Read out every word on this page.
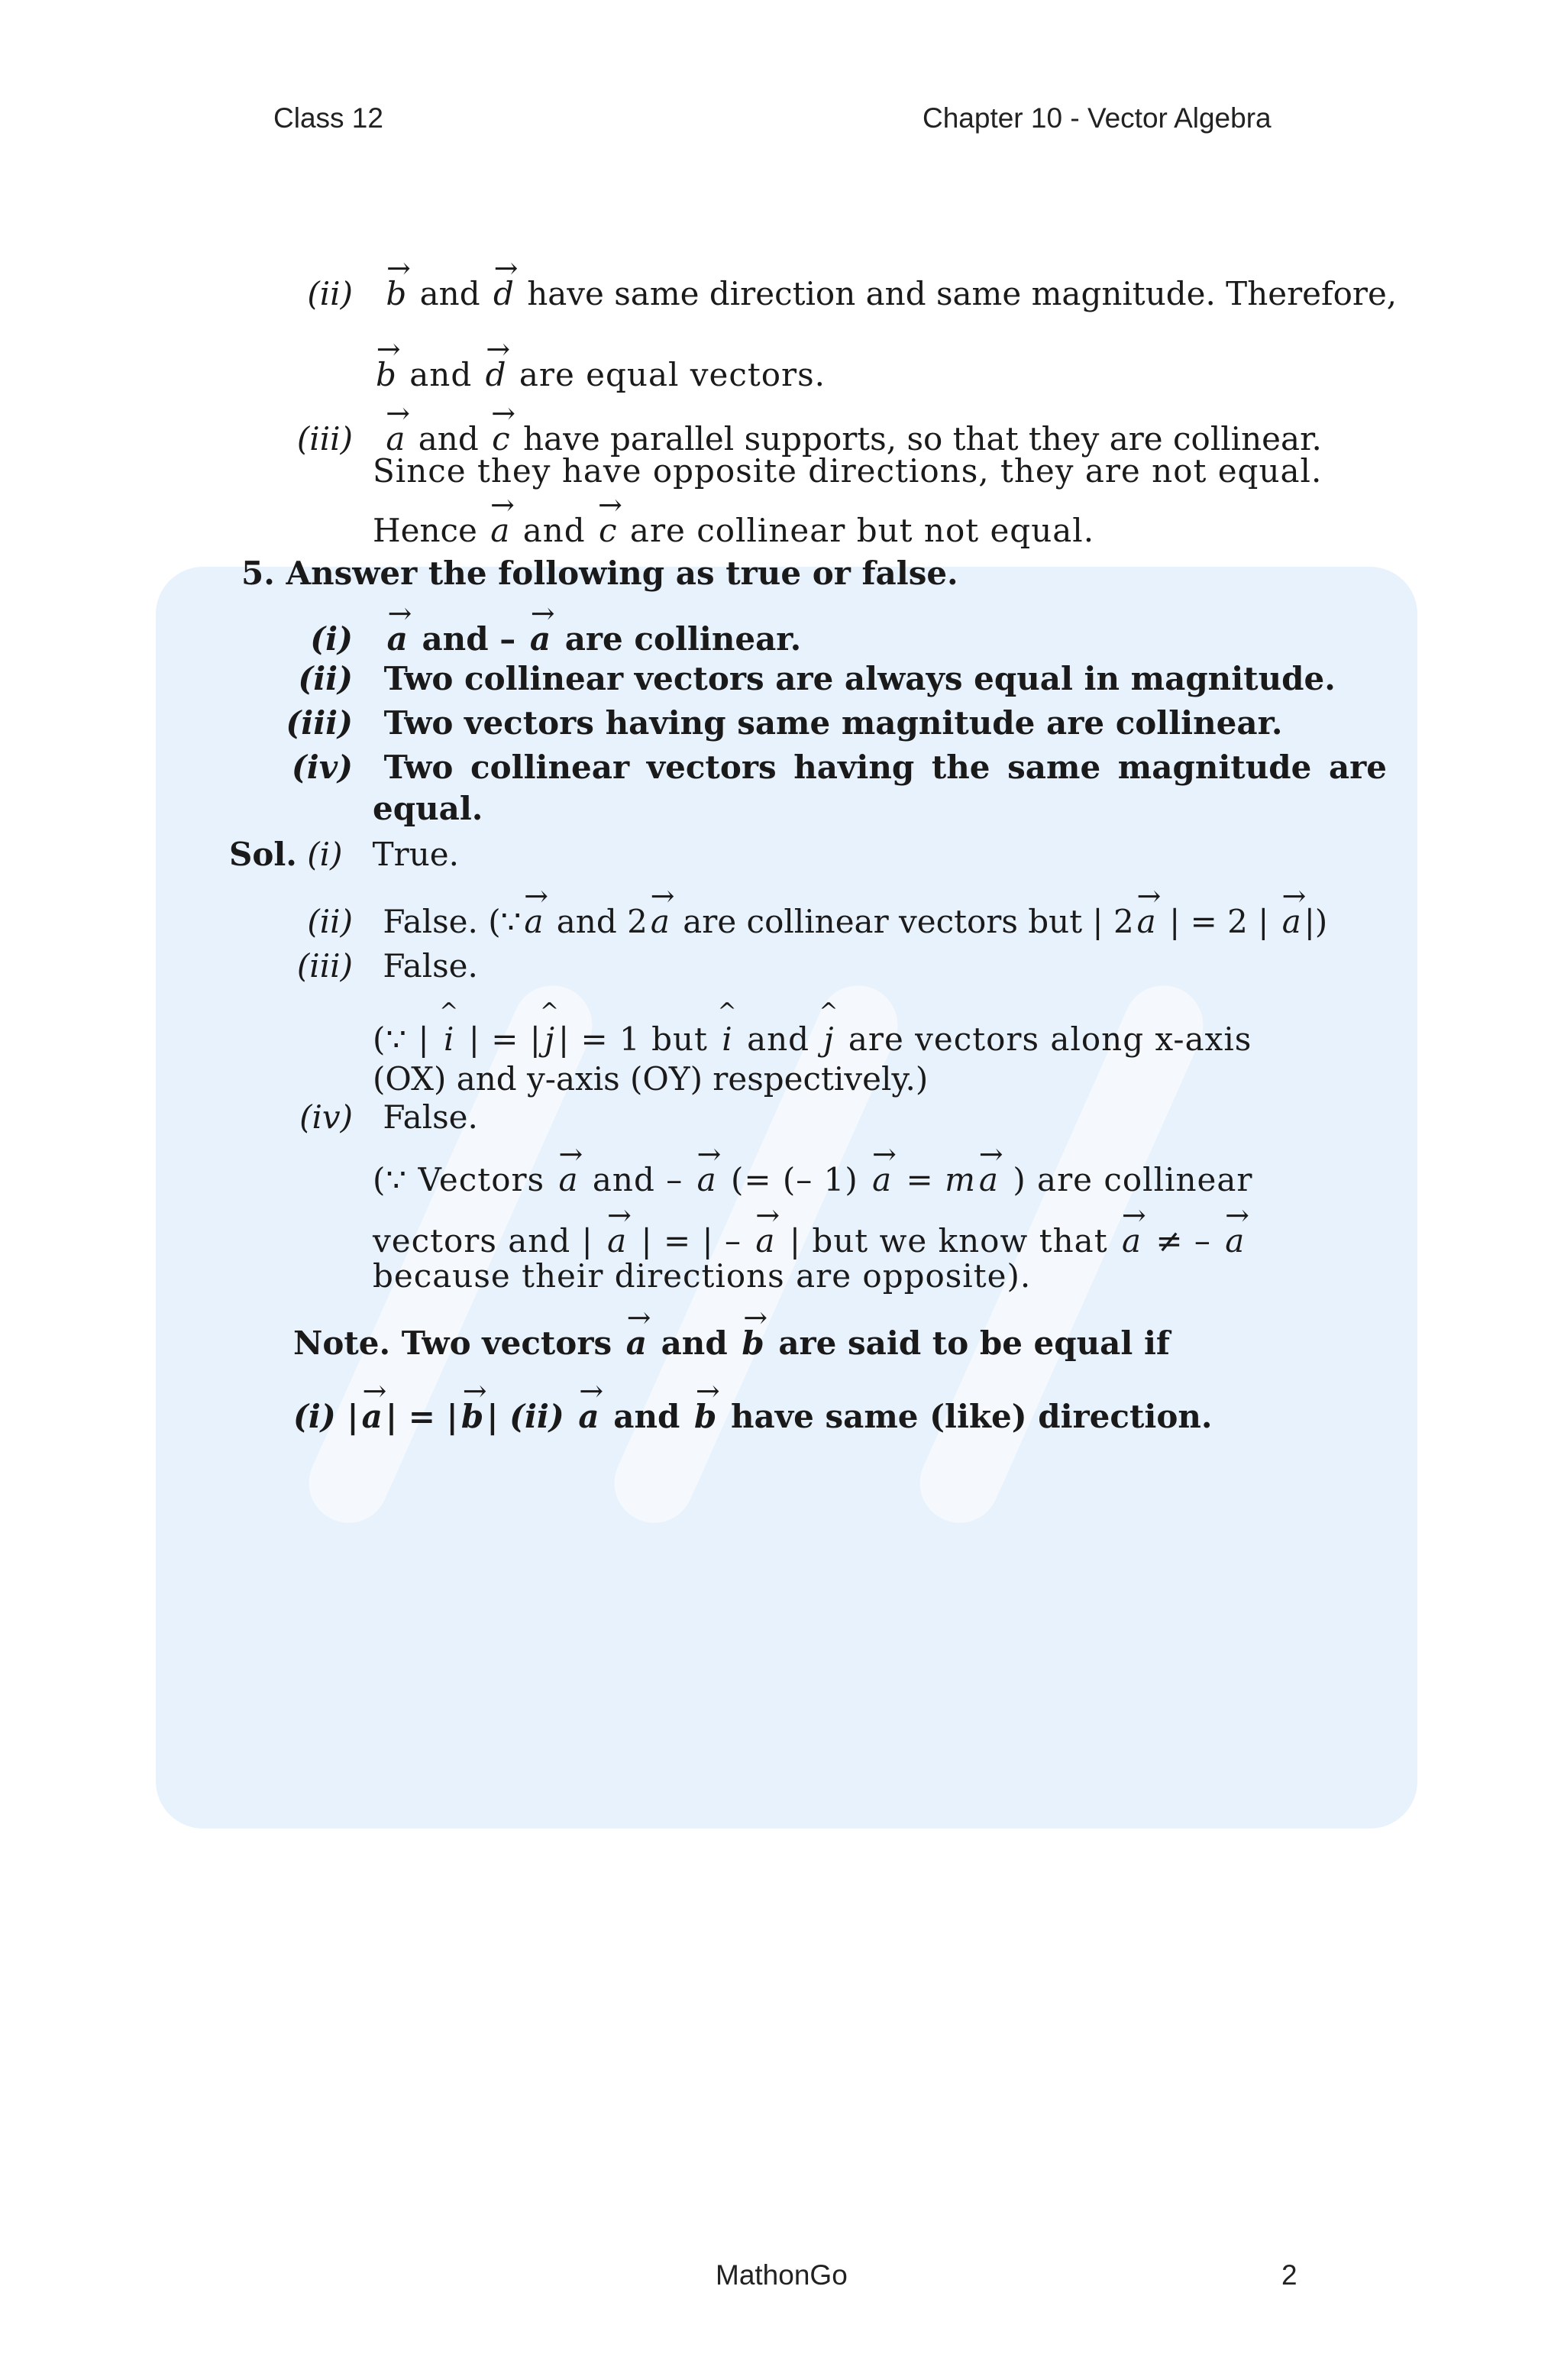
Class 12	Chapter 10 - Vector Algebra
(ii) → b and → d have same direction and same magnitude. Therefore,
→ b and → d are equal vectors.
(iii) → a and → c have parallel supports, so that they are collinear.
Since they have opposite directions, they are not equal.
Hence → a and → c are collinear but not equal.
5. Answer the following as true or false.
(i) → a and – → a are collinear.
(ii) Two collinear vectors are always equal in magnitude.
(iii) Two vectors having same magnitude are collinear.
(iv) Two collinear vectors having the same magnitude are
equal.
Sol. (i) True.
(ii) False. (∵→ a and 2→ a are collinear vectors but | 2→ a | = 2 | → a|)
(iii) False.
(∵ | ^ i | = |^ j| = 1 but ^ i and ^ j are vectors along x-axis
(OX) and y-axis (OY) respectively.)
(iv) False.
(∵ Vectors → a and – → a (= (– 1) → a = m→ a ) are collinear
vectors and | → a | = | – → a | but we know that → a ≠ – → a
because their directions are opposite).
Note. Two vectors → a and → b are said to be equal if
(i) |→ a| = |→ b| (ii) → a and → b have same (like) direction.
MathonGo	2
